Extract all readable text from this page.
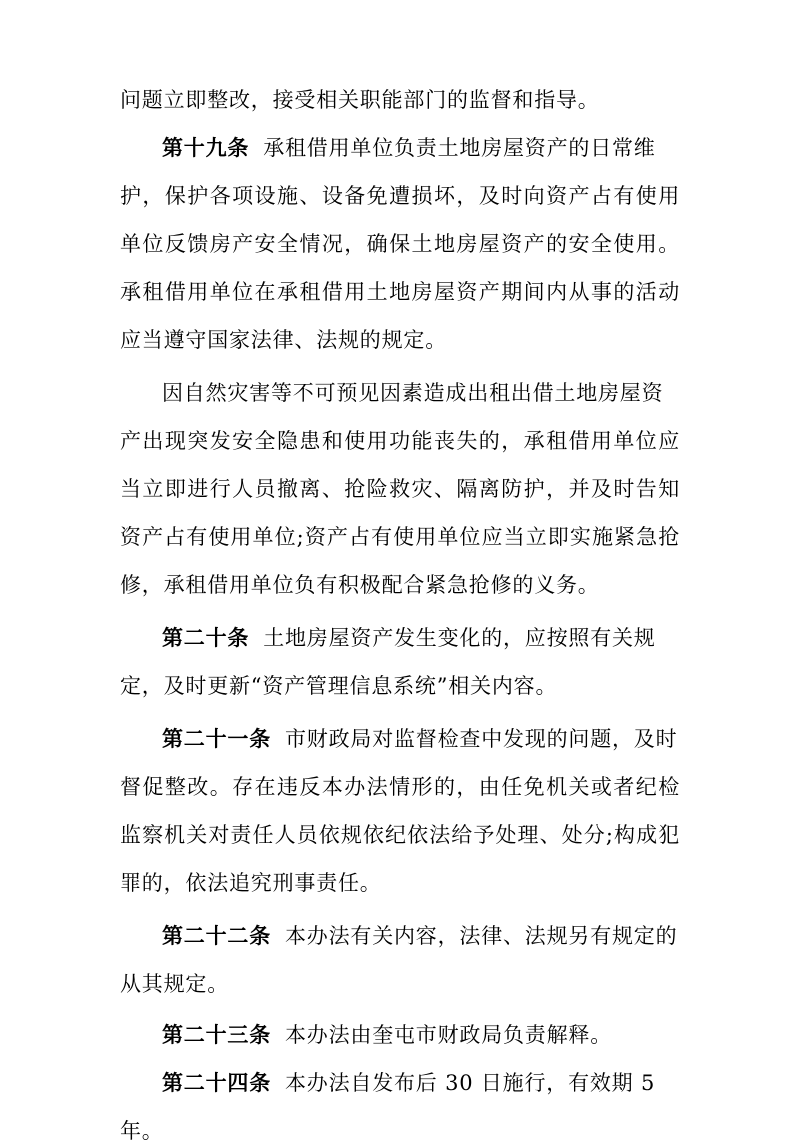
问题立即整改，接受相关职能部门的监督和指导。
第十九条 承租借用单位负责土地房屋资产的日常维
护，保护各项设施、设备免遭损坏，及时向资产占有使用
单位反馈房产安全情况，确保土地房屋资产的安全使用。
承租借用单位在承租借用土地房屋资产期间内从事的活动
应当遵守国家法律、法规的规定。
因自然灾害等不可预见因素造成出租出借土地房屋资
产出现突发安全隐患和使用功能丧失的，承租借用单位应
当立即进行人员撤离、抢险救灾、隔离防护，并及时告知
资产占有使用单位;资产占有使用单位应当立即实施紧急抢
修，承租借用单位负有积极配合紧急抢修的义务。
第二十条 土地房屋资产发生变化的，应按照有关规
定，及时更新“资产管理信息系统”相关内容。
第二十一条 市财政局对监督检查中发现的问题，及时
督促整改。存在违反本办法情形的，由任免机关或者纪检
监察机关对责任人员依规依纪依法给予处理、处分;构成犯
罪的，依法追究刑事责任。
第二十二条 本办法有关内容，法律、法规另有规定的
从其规定。
第二十三条 本办法由奎屯市财政局负责解释。
第二十四条 本办法自发布后 30 日施行，有效期 5
年。
